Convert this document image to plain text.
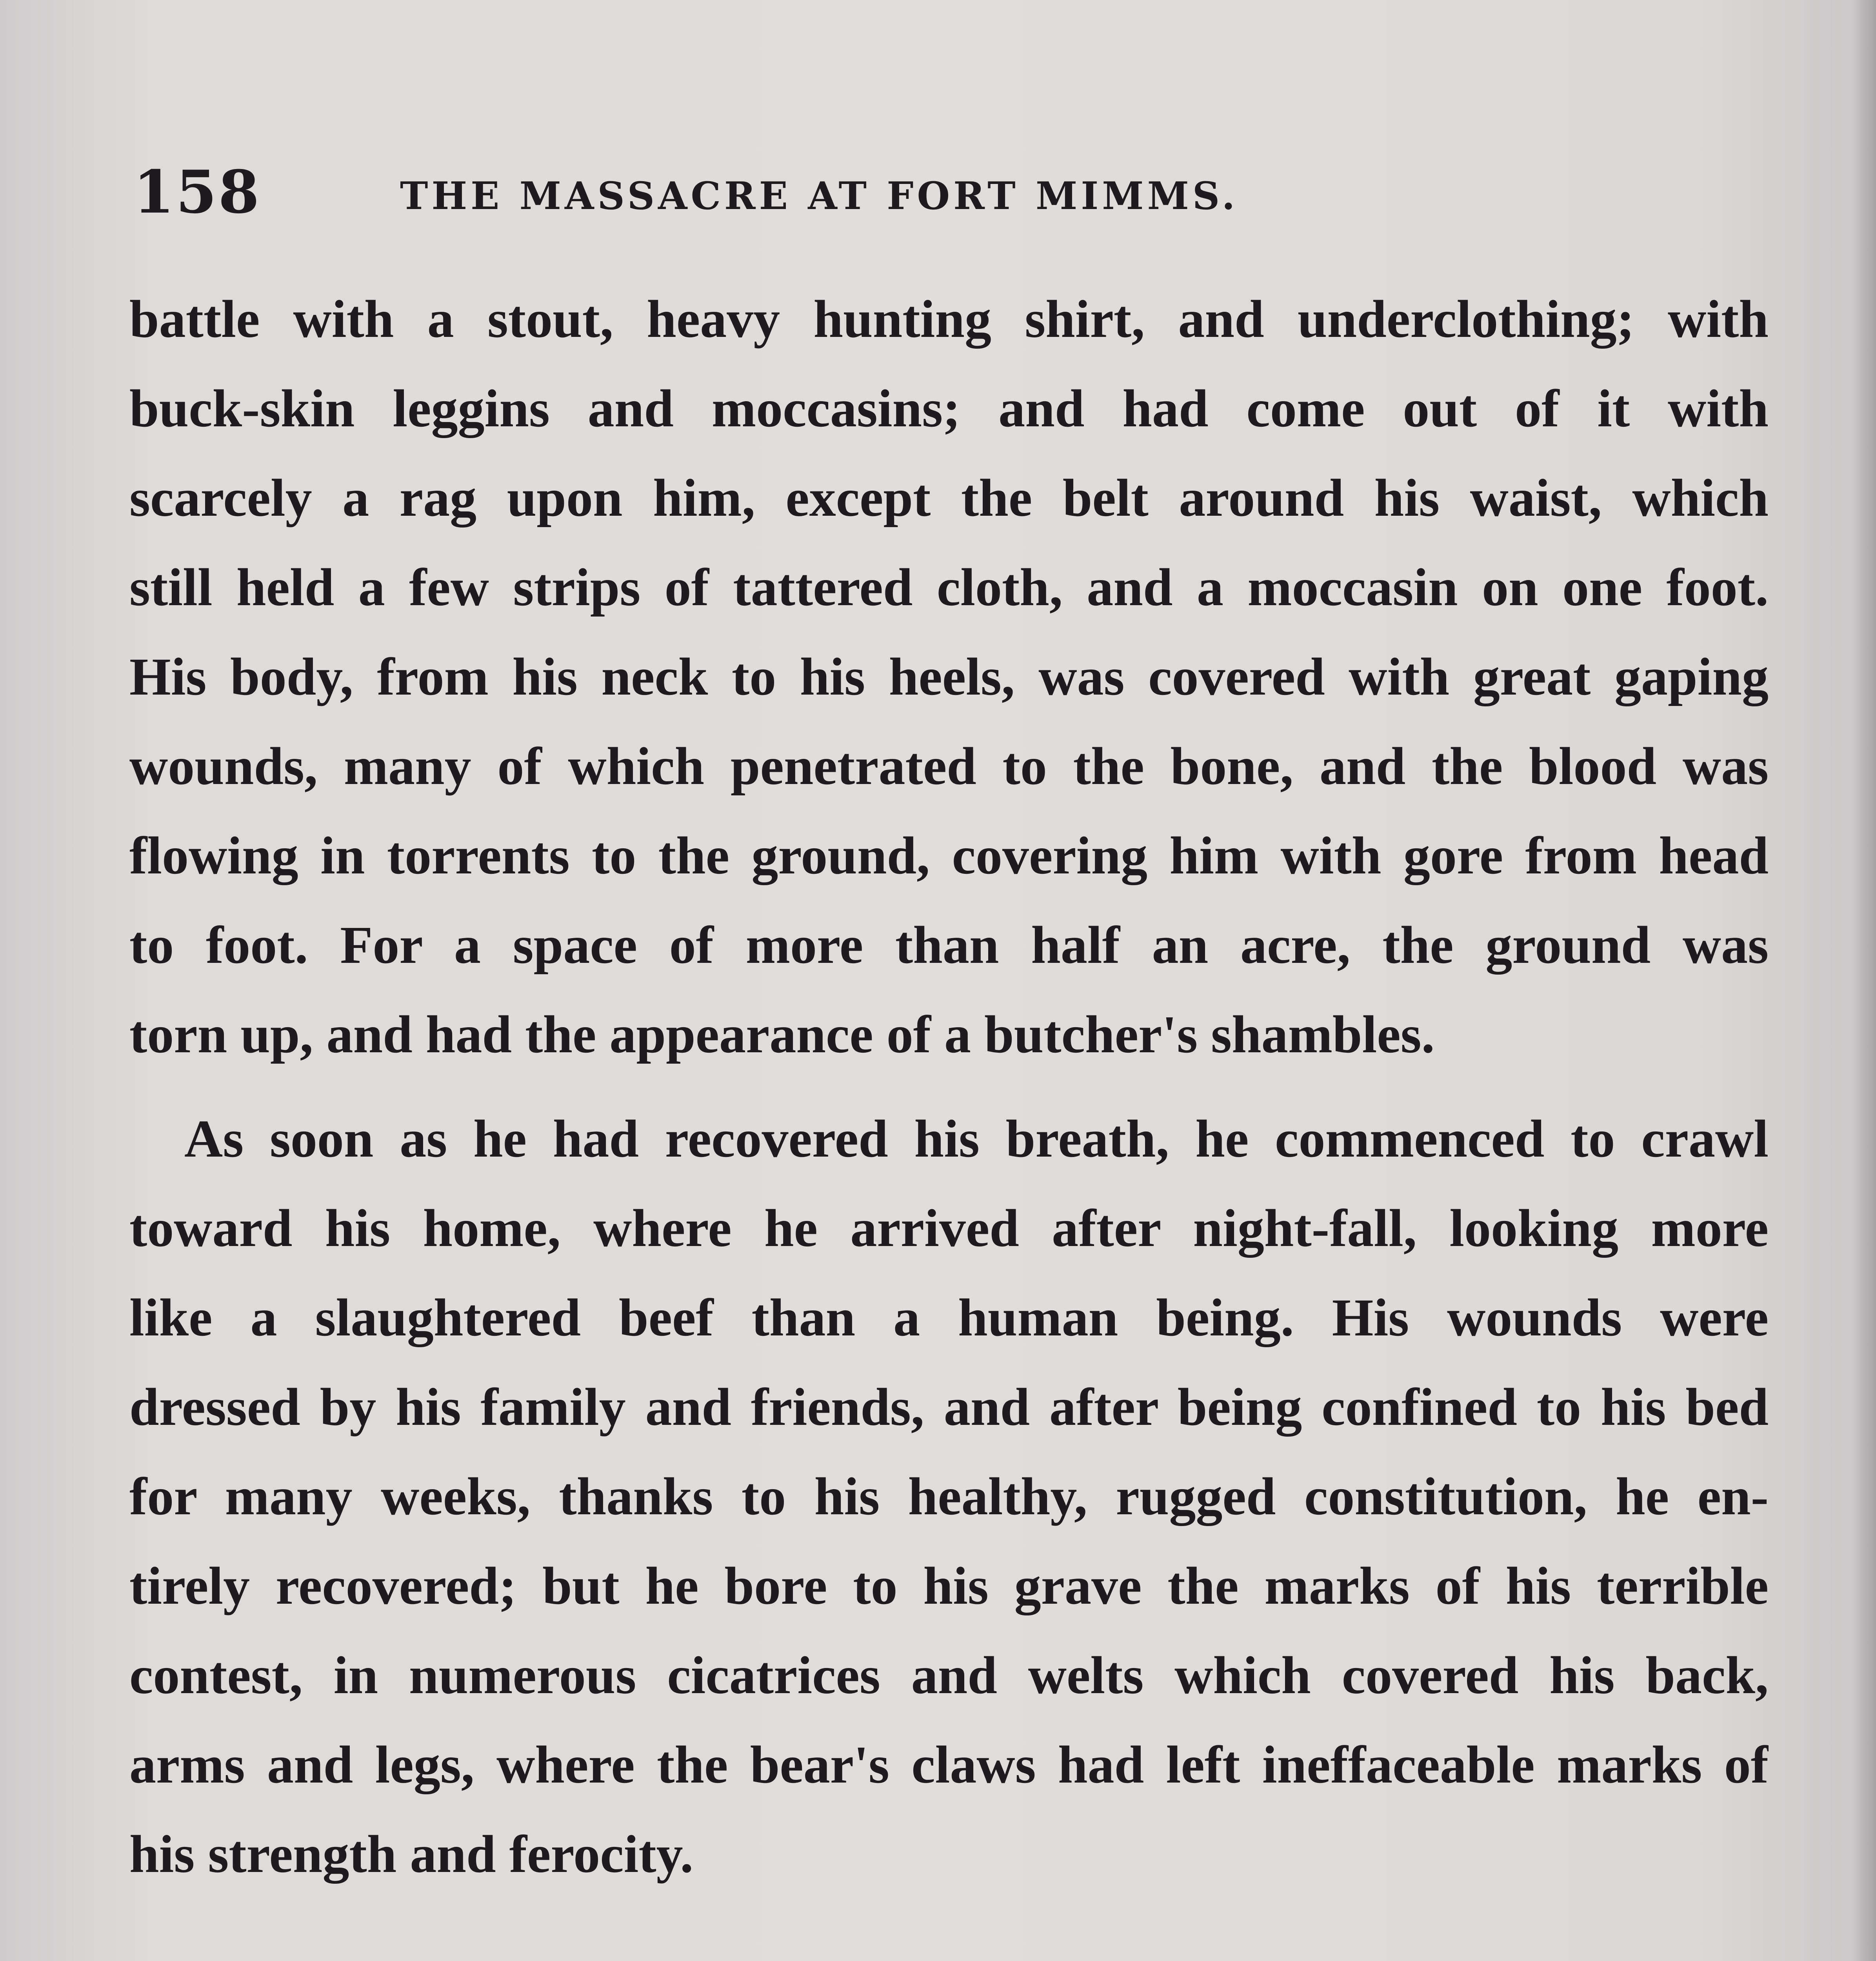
158	THE MASSACRE AT FORT MIMMS.
battle with a stout, heavy hunting shirt, and underclothing; with
buck-skin leggins and moccasins; and had come out of it with
scarcely a rag upon him, except the belt around his waist, which
still held a few strips of tattered cloth, and a moccasin on one foot.
His body, from his neck to his heels, was covered with great gaping
wounds, many of which penetrated to the bone, and the blood was
flowing in torrents to the ground, covering him with gore from head
to foot. For a space of more than half an acre, the ground was
torn up, and had the appearance of a butcher's shambles.
As soon as he had recovered his breath, he commenced to crawl
toward his home, where he arrived after night-fall, looking more
like a slaughtered beef than a human being. His wounds were
dressed by his family and friends, and after being confined to his bed
for many weeks, thanks to his healthy, rugged constitution, he en-
tirely recovered; but he bore to his grave the marks of his terrible
contest, in numerous cicatrices and welts which covered his back,
arms and legs, where the bear's claws had left ineffaceable marks of
his strength and ferocity.
